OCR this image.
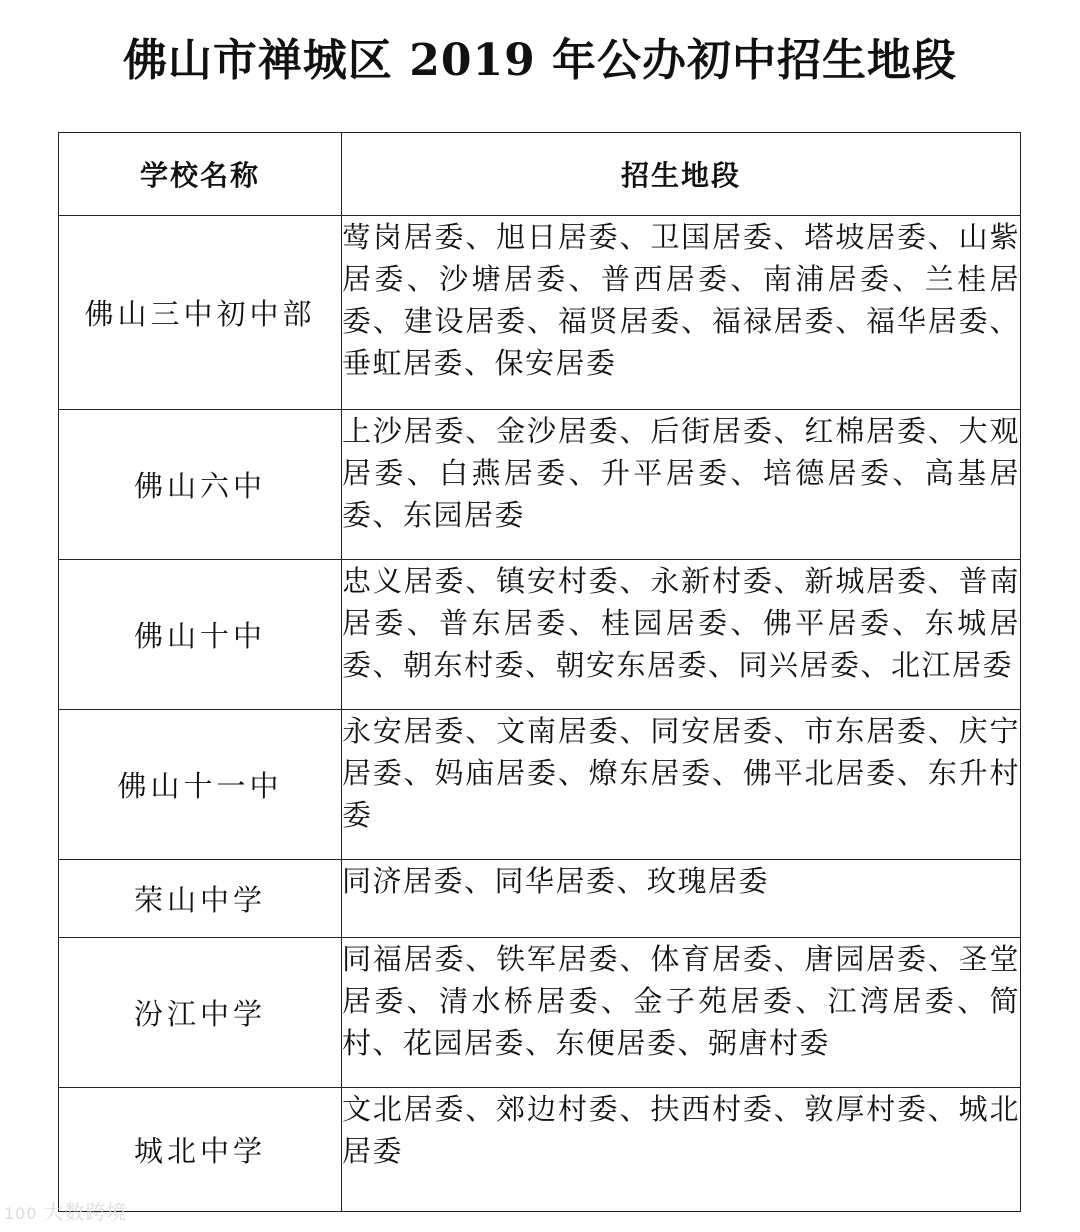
佛山市禅城区 2019 年公办初中招生地段
学校名称	招生地段
佛山三中初中部	莺岗居委、旭日居委、卫国居委、塔坡居委、山紫居委、沙塘居委、普西居委、南浦居委、兰桂居委、建设居委、福贤居委、福禄居委、福华居委、垂虹居委、保安居委
佛山六中	上沙居委、金沙居委、后街居委、红棉居委、大观居委、白燕居委、升平居委、培德居委、高基居委、东园居委
佛山十中	忠义居委、镇安村委、永新村委、新城居委、普南居委、普东居委、桂园居委、佛平居委、东城居委、朝东村委、朝安东居委、同兴居委、北江居委
佛山十一中	永安居委、文南居委、同安居委、市东居委、庆宁居委、妈庙居委、燎东居委、佛平北居委、东升村委
荣山中学	同济居委、同华居委、玫瑰居委
汾江中学	同福居委、铁军居委、体育居委、唐园居委、圣堂居委、清水桥居委、金子苑居委、江湾居委、简村、花园居委、东便居委、弼唐村委
城北中学	文北居委、郊边村委、扶西村委、敦厚村委、城北居委
100 大数跨境
